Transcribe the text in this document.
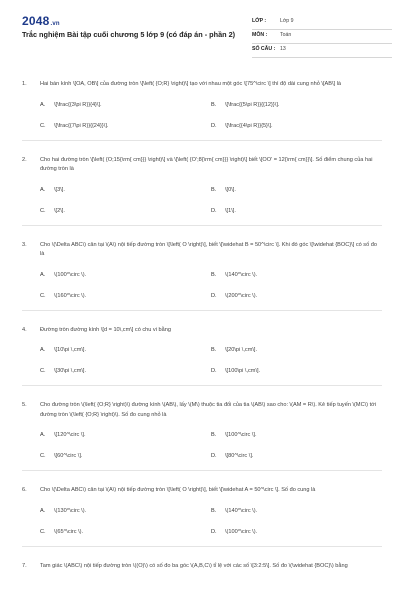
2048.vn
Trắc nghiệm Bài tập cuối chương 5 lớp 9 (có đáp án - phần 2)
LỚP :	Lớp 9
MÔN : Toán
SỐ CÂU : 13
1.	Hai bán kính \[OA, OB\] của đường tròn \[\left( {O;R} \right)\] tạo với nhau một góc \[75^\circ \] thì độ dài cung nhỏ \[AB\] là
A.	\[\frac{{3\pi R}}{4}\].	B.	\[\frac{{5\pi R}}{{12}}\].
C.	\[\frac{{7\pi R}}{{24}}\].	D.	\[\frac{{4\pi R}}{5}\].
2.	Cho hai đường tròn \[\left( {O;15{\rm{ cm}}} \right)\] và \[\left( {O';8{\rm{ cm}}} \right)\] biết \[OO' = 12{\rm{ cm}}\]. Số điểm chung của hai đường tròn là
A.	\[3\].	B.	\[0\].
C.	\[2\].	D.	\[1\].
3.	Cho \(\Delta ABC\) cân tại \(A\) nội tiếp đường tròn \[\left( O \right)\], biết \[\widehat B = 50^\circ \]. Khi đó góc \[\widehat {BOC}\] có số đo là
A.	\(100^\circ \).	B.	\(140^\circ \).
C.	\(160^\circ \).	D.	\(200^\circ \).
4.	Đường tròn đường kính \[d = 10\,cm\] có chu vi bằng
A.	\[10\pi \,cm\].	B.	\[20\pi \,cm\].
C.	\[30\pi \,cm\].	D.	\[100\pi \,cm\].
5.	Cho đường tròn \(\left( {O;R} \right)\) đường kính \(AB\), lấy \(M\) thuộc tia đối của tia \(AB\) sao cho: \(AM = R\). Kẻ tiếp tuyến \(MC\) tới đường tròn \(\left( {O;R} \right)\). Số đo cung nhỏ là
A.	\[120^\circ \].	B.	\[100^\circ \].
C.	\[60^\circ \].	D.	\[80^\circ \].
6.	Cho \(\Delta ABC\) cân tại \(A\) nội tiếp đường tròn \[\left( O \right)\], biết \[\widehat A = 50^\circ \]. Số đo cung là
A.	\(130^\circ \).	B.	\(140^\circ \).
C.	\(65^\circ \).	D.	\(100^\circ \).
7.	Tam giác \(ABC\) nội tiếp đường tròn \((O)\) có số đo ba góc \(A,B,C\) tỉ lệ với các số \[3:2:5\]. Số đo \(\widehat {BOC}\) bằng
